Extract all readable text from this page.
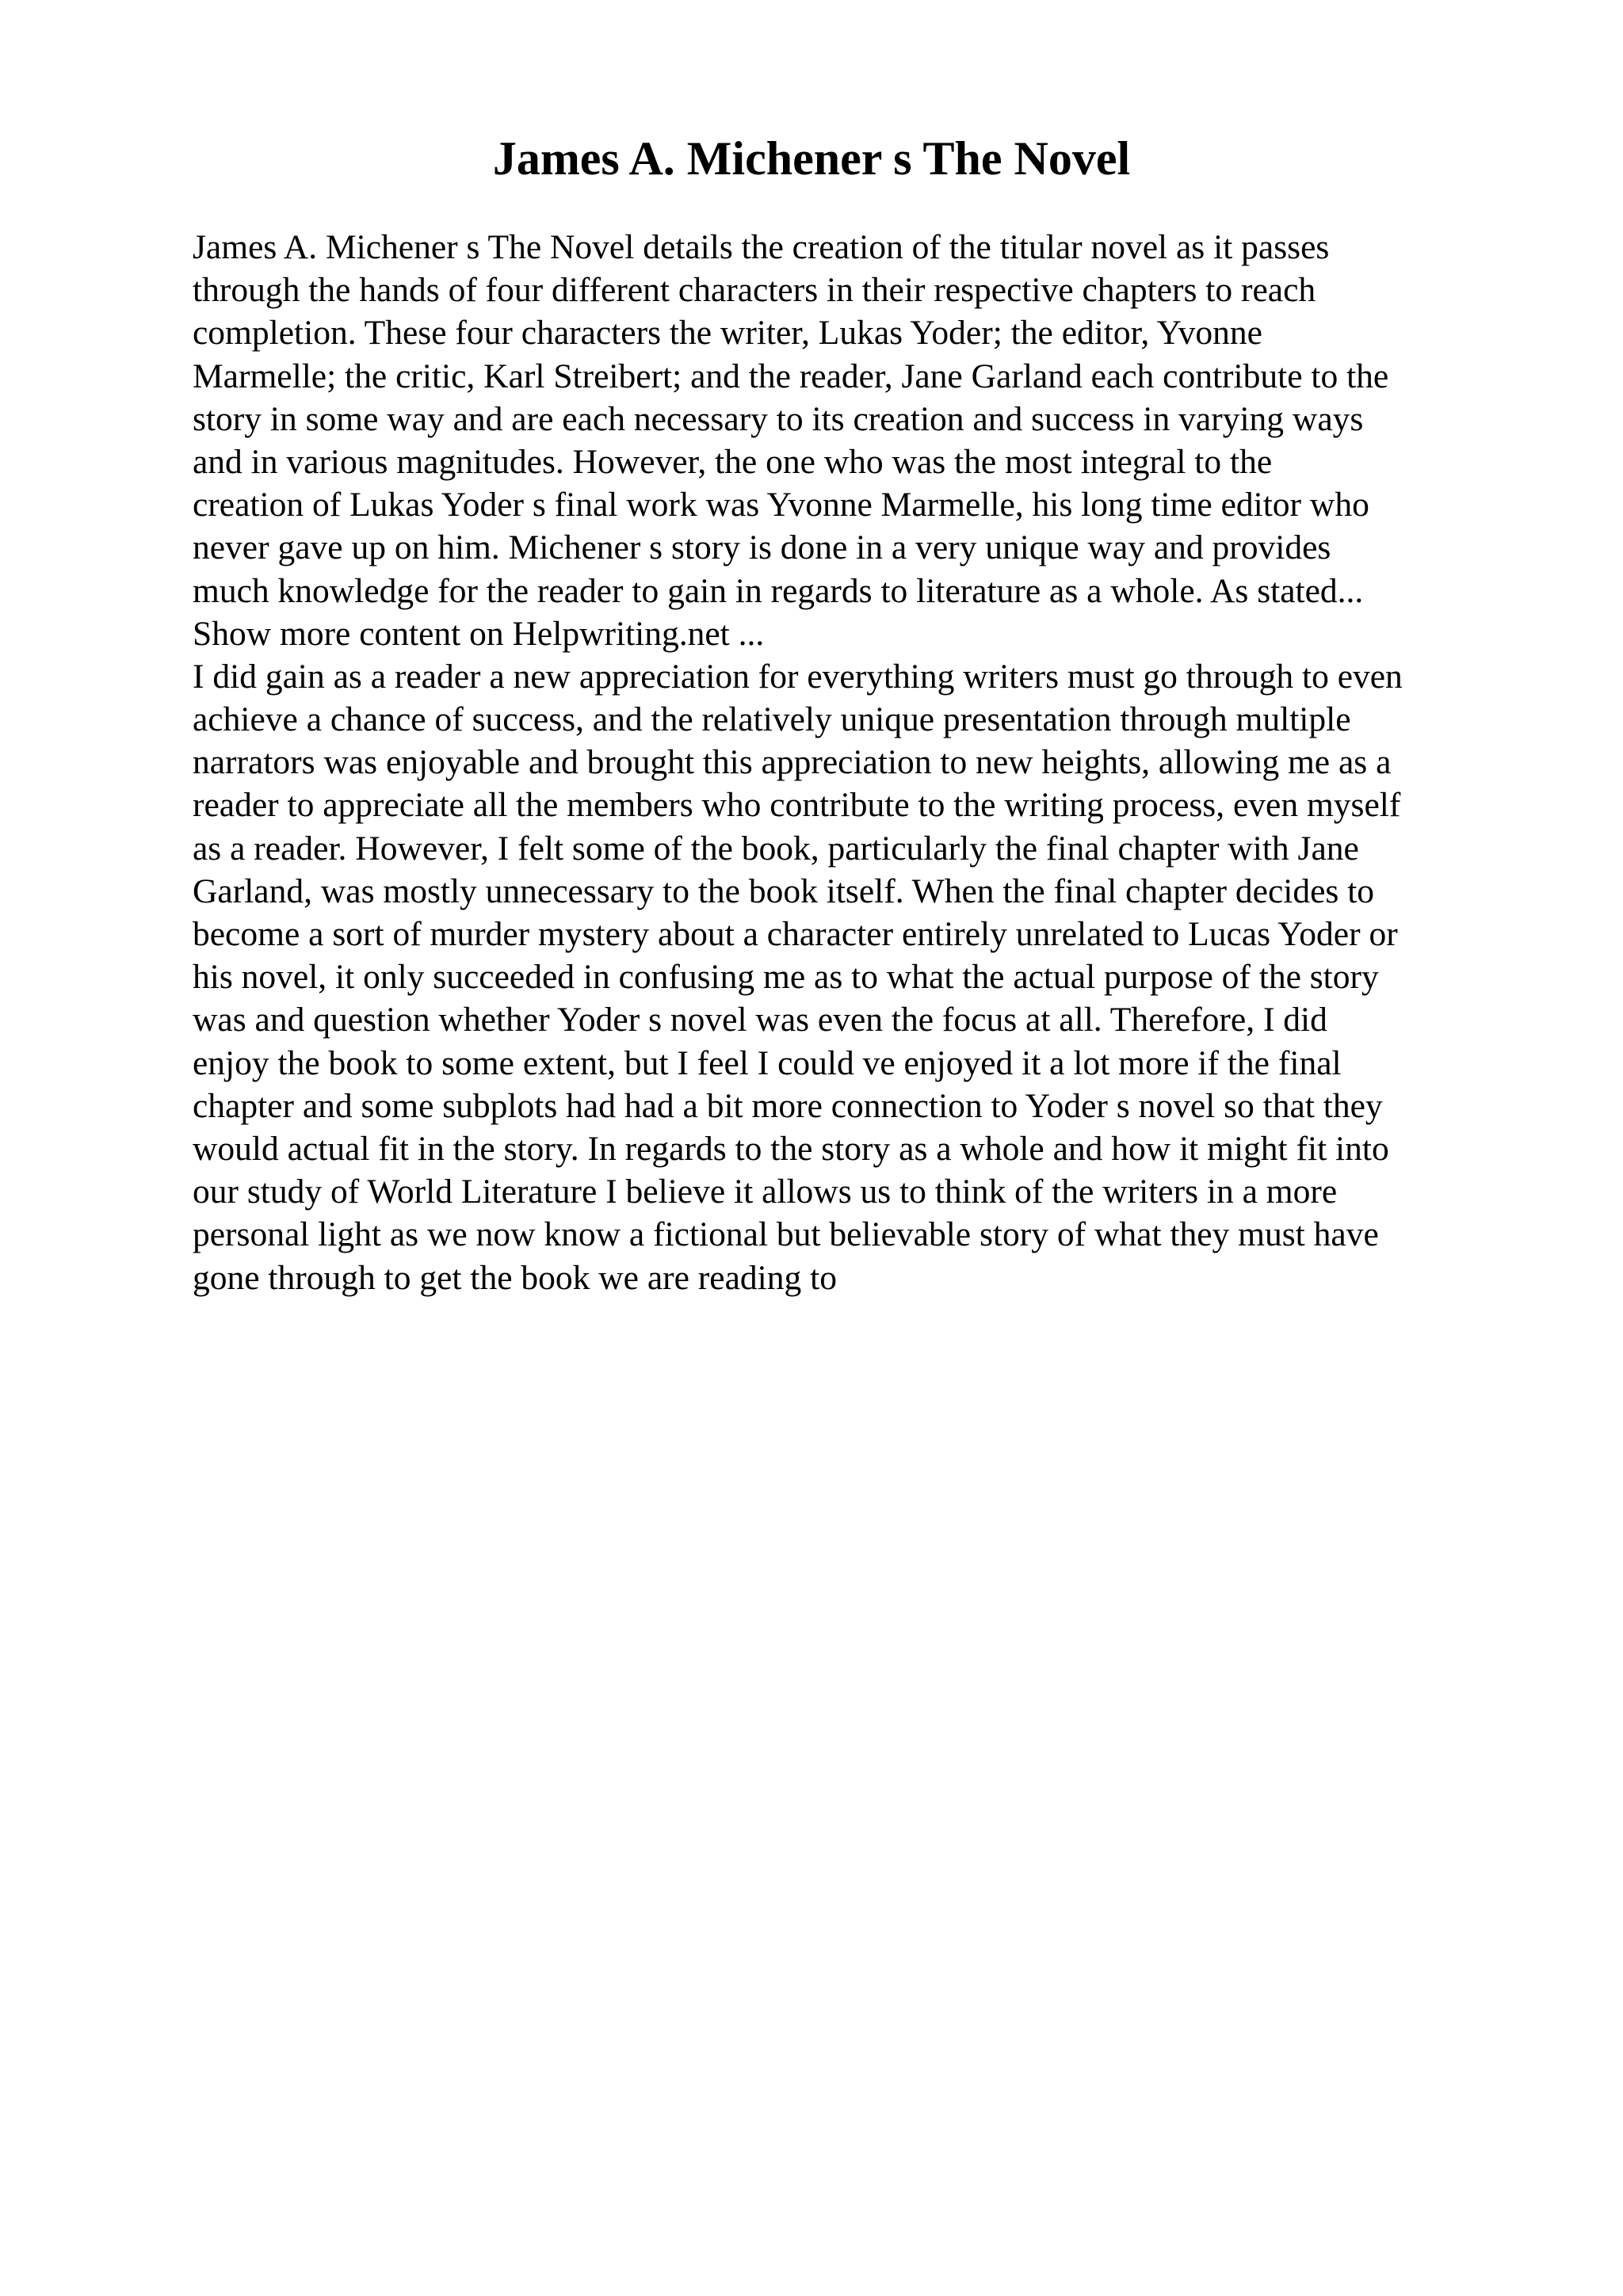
James A. Michener s The Novel
James A. Michener s The Novel details the creation of the titular novel as it passes
through the hands of four different characters in their respective chapters to reach
completion. These four characters the writer, Lukas Yoder; the editor, Yvonne
Marmelle; the critic, Karl Streibert; and the reader, Jane Garland each contribute to the
story in some way and are each necessary to its creation and success in varying ways
and in various magnitudes. However, the one who was the most integral to the
creation of Lukas Yoder s final work was Yvonne Marmelle, his long time editor who
never gave up on him. Michener s story is done in a very unique way and provides
much knowledge for the reader to gain in regards to literature as a whole. As stated...
Show more content on Helpwriting.net ...
I did gain as a reader a new appreciation for everything writers must go through to even
achieve a chance of success, and the relatively unique presentation through multiple
narrators was enjoyable and brought this appreciation to new heights, allowing me as a
reader to appreciate all the members who contribute to the writing process, even myself
as a reader. However, I felt some of the book, particularly the final chapter with Jane
Garland, was mostly unnecessary to the book itself. When the final chapter decides to
become a sort of murder mystery about a character entirely unrelated to Lucas Yoder or
his novel, it only succeeded in confusing me as to what the actual purpose of the story
was and question whether Yoder s novel was even the focus at all. Therefore, I did
enjoy the book to some extent, but I feel I could ve enjoyed it a lot more if the final
chapter and some subplots had had a bit more connection to Yoder s novel so that they
would actual fit in the story. In regards to the story as a whole and how it might fit into
our study of World Literature I believe it allows us to think of the writers in a more
personal light as we now know a fictional but believable story of what they must have
gone through to get the book we are reading to
